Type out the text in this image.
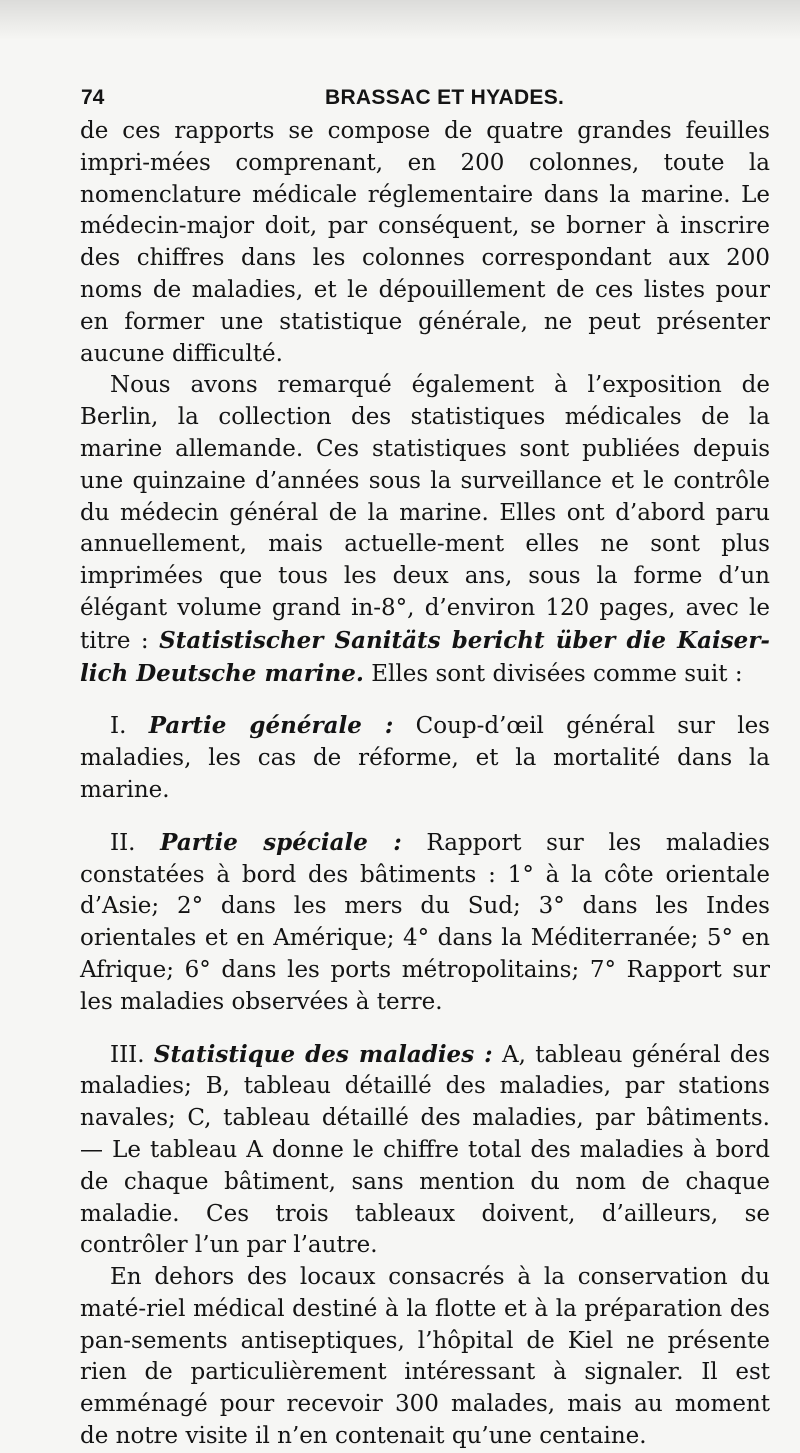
74	BRASSAC ET HYADES.

de ces rapports se compose de quatre grandes feuilles impri-mées comprenant, en 200 colonnes, toute la nomenclature médicale réglementaire dans la marine. Le médecin-major doit, par conséquent, se borner à inscrire des chiffres dans les colonnes correspondant aux 200 noms de maladies, et le dépouillement de ces listes pour en former une statistique générale, ne peut présenter aucune difficulté.

Nous avons remarqué également à l’exposition de Berlin, la collection des statistiques médicales de la marine allemande. Ces statistiques sont publiées depuis une quinzaine d’années sous la surveillance et le contrôle du médecin général de la marine. Elles ont d’abord paru annuellement, mais actuelle-ment elles ne sont plus imprimées que tous les deux ans, sous la forme d’un élégant volume grand in-8°, d’environ 120 pages, avec le titre : Statistischer Sanitäts bericht über die Kaiser-lich Deutsche marine. Elles sont divisées comme suit :

I. Partie générale : Coup-d’œil général sur les maladies, les cas de réforme, et la mortalité dans la marine.

II. Partie spéciale : Rapport sur les maladies constatées à bord des bâtiments : 1° à la côte orientale d’Asie; 2° dans les mers du Sud; 3° dans les Indes orientales et en Amérique; 4° dans la Méditerranée; 5° en Afrique; 6° dans les ports métropolitains; 7° Rapport sur les maladies observées à terre.

III. Statistique des maladies : A, tableau général des maladies; B, tableau détaillé des maladies, par stations navales; C, tableau détaillé des maladies, par bâtiments. — Le tableau A donne le chiffre total des maladies à bord de chaque bâtiment, sans mention du nom de chaque maladie. Ces trois tableaux doivent, d’ailleurs, se contrôler l’un par l’autre.

En dehors des locaux consacrés à la conservation du maté-riel médical destiné à la flotte et à la préparation des pan-sements antiseptiques, l’hôpital de Kiel ne présente rien de particulièrement intéressant à signaler. Il est emménagé pour recevoir 300 malades, mais au moment de notre visite il n’en contenait qu’une centaine.
